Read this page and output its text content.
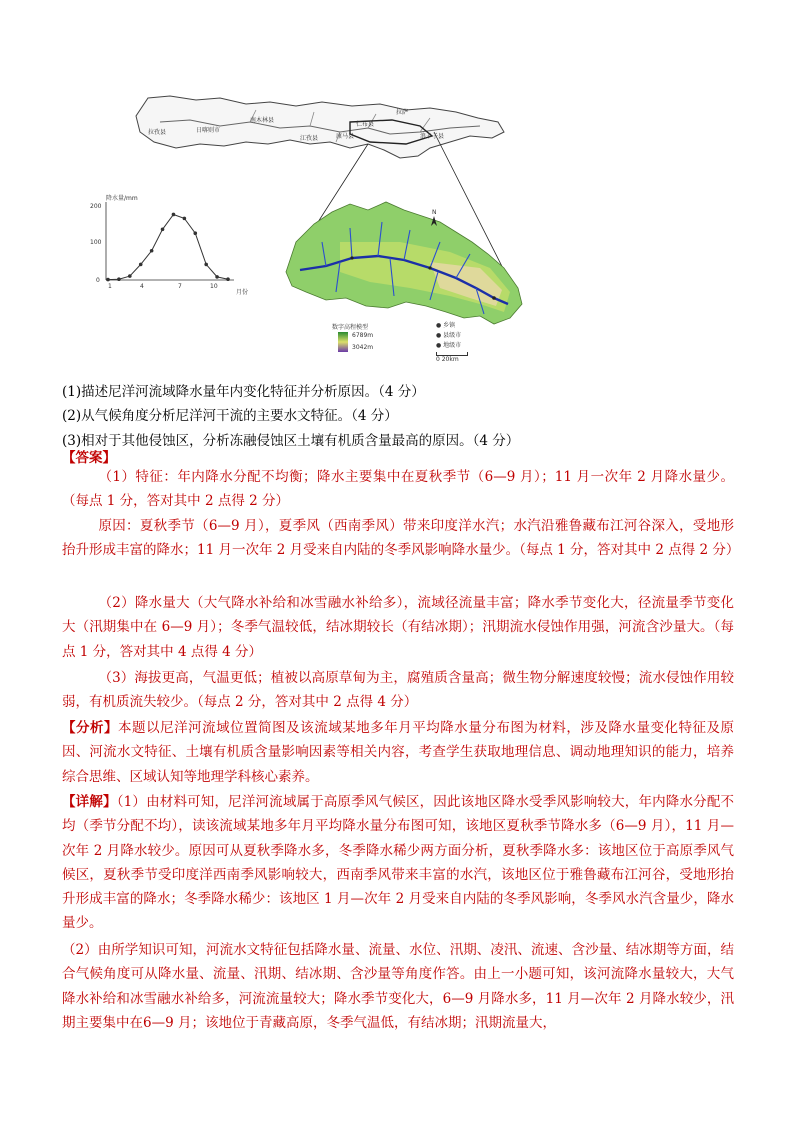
降水量/mm
200
100
0
1	4	7	10
月份
N
拉孜县	日喀则市
南木林县
拉萨
江孜县	康马县
仁布县
浪卡子县
数字高程模型
6789m
3042m
● 乡镇
● 县级市
● 地级市
0 20km
(1)描述尼洋河流域降水量年内变化特征并分析原因。（4 分）
(2)从气候角度分析尼洋河干流的主要水文特征。（4 分）
(3)相对于其他侵蚀区，分析冻融侵蚀区土壤有机质含量最高的原因。（4 分）
【答案】
（1）特征：年内降水分配不均衡；降水主要集中在夏秋季节（6—9 月）；11 月一次年 2 月降水量少。（每点 1 分，答对其中 2 点得 2 分）
原因：夏秋季节（6—9 月），夏季风（西南季风）带来印度洋水汽；水汽沿雅鲁藏布江河谷深入，受地形抬升形成丰富的降水；11 月一次年 2 月受来自内陆的冬季风影响降水量少。（每点 1 分，答对其中 2 点得 2 分）
（2）降水量大（大气降水补给和冰雪融水补给多），流域径流量丰富；降水季节变化大，径流量季节变化大（汛期集中在 6—9 月）；冬季气温较低，结冰期较长（有结冰期）；汛期流水侵蚀作用强，河流含沙量大。（每点 1 分，答对其中 4 点得 4 分）
（3）海拔更高，气温更低；植被以高原草甸为主，腐殖质含量高；微生物分解速度较慢；流水侵蚀作用较弱，有机质流失较少。（每点 2 分，答对其中 2 点得 4 分）
【分析】本题以尼洋河流域位置简图及该流域某地多年月平均降水量分布图为材料，涉及降水量变化特征及原因、河流水文特征、土壤有机质含量影响因素等相关内容，考查学生获取地理信息、调动地理知识的能力，培养综合思维、区域认知等地理学科核心素养。
【详解】（1）由材料可知，尼洋河流域属于高原季风气候区，因此该地区降水受季风影响较大，年内降水分配不均（季节分配不均），读该流域某地多年月平均降水量分布图可知，该地区夏秋季节降水多（6—9 月），11 月—次年 2 月降水较少。原因可从夏秋季降水多，冬季降水稀少两方面分析，夏秋季降水多：该地区位于高原季风气候区，夏秋季节受印度洋西南季风影响较大，西南季风带来丰富的水汽，该地区位于雅鲁藏布江河谷，受地形抬升形成丰富的降水；冬季降水稀少：该地区 1 月—次年 2 月受来自内陆的冬季风影响，冬季风水汽含量少，降水量少。
（2）由所学知识可知，河流水文特征包括降水量、流量、水位、汛期、凌汛、流速、含沙量、结冰期等方面，结合气候角度可从降水量、流量、汛期、结冰期、含沙量等角度作答。由上一小题可知，该河流降水量较大，大气降水补给和冰雪融水补给多，河流流量较大；降水季节变化大，6—9 月降水多，11 月—次年 2 月降水较少，汛期主要集中在6—9 月；该地位于青藏高原，冬季气温低，有结冰期；汛期流量大，
